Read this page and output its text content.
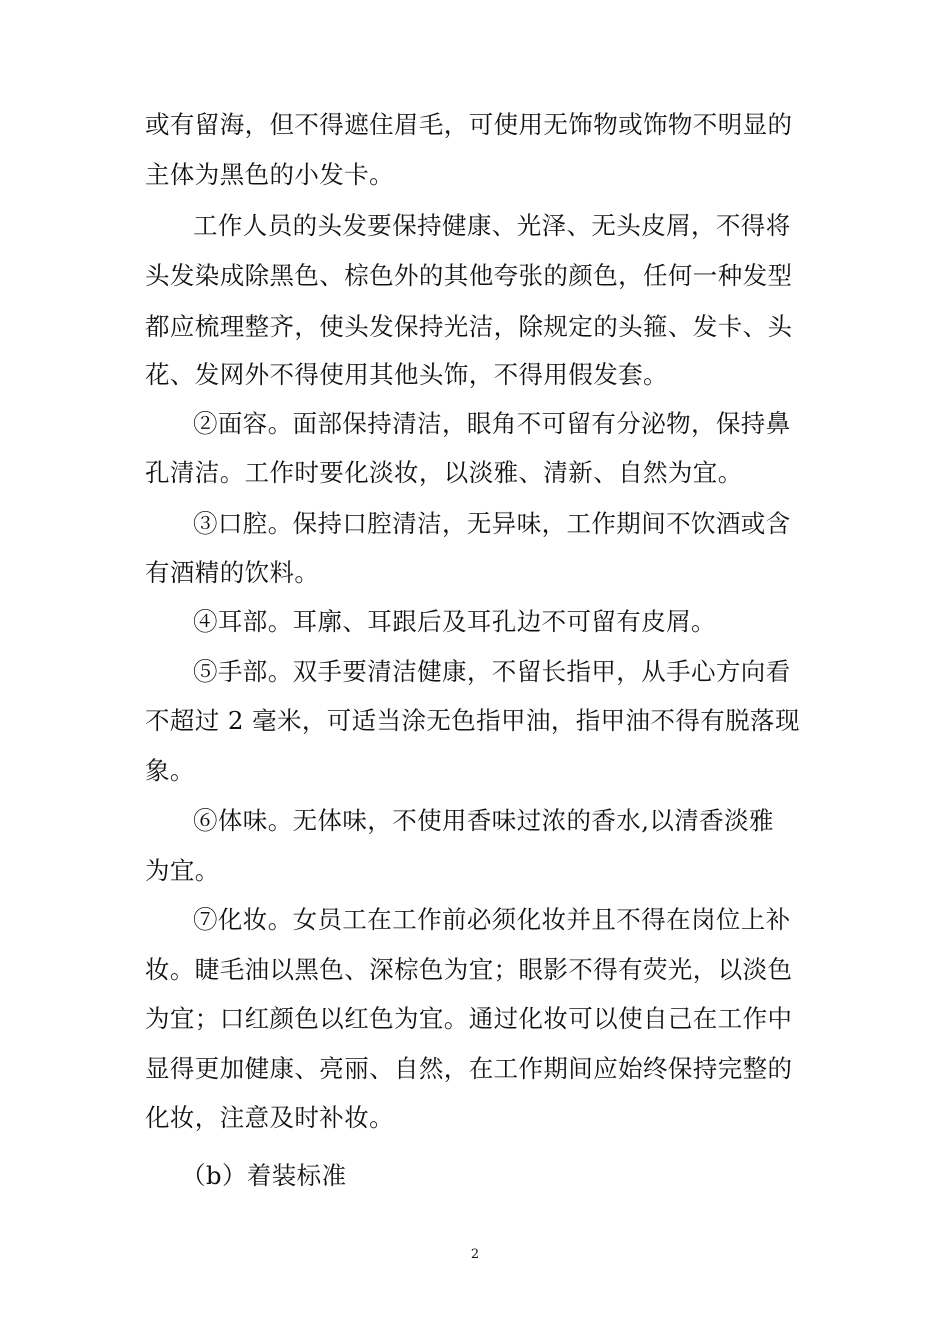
或有留海，但不得遮住眉毛，可使用无饰物或饰物不明显的
主体为黑色的小发卡。
工作人员的头发要保持健康、光泽、无头皮屑，不得将
头发染成除黑色、棕色外的其他夸张的颜色，任何一种发型
都应梳理整齐，使头发保持光洁，除规定的头箍、发卡、头
花、发网外不得使用其他头饰，不得用假发套。
②面容。面部保持清洁，眼角不可留有分泌物，保持鼻
孔清洁。工作时要化淡妆，以淡雅、清新、自然为宜。
③口腔。保持口腔清洁，无异味，工作期间不饮酒或含
有酒精的饮料。
④耳部。耳廓、耳跟后及耳孔边不可留有皮屑。
⑤手部。双手要清洁健康，不留长指甲，从手心方向看
不超过 2 毫米，可适当涂无色指甲油，指甲油不得有脱落现
象。
⑥体味。无体味，不使用香味过浓的香水,以清香淡雅
为宜。
⑦化妆。女员工在工作前必须化妆并且不得在岗位上补
妆。睫毛油以黑色、深棕色为宜；眼影不得有荧光，以淡色
为宜；口红颜色以红色为宜。通过化妆可以使自己在工作中
显得更加健康、亮丽、自然，在工作期间应始终保持完整的
化妆，注意及时补妆。
（b）着装标准
2
